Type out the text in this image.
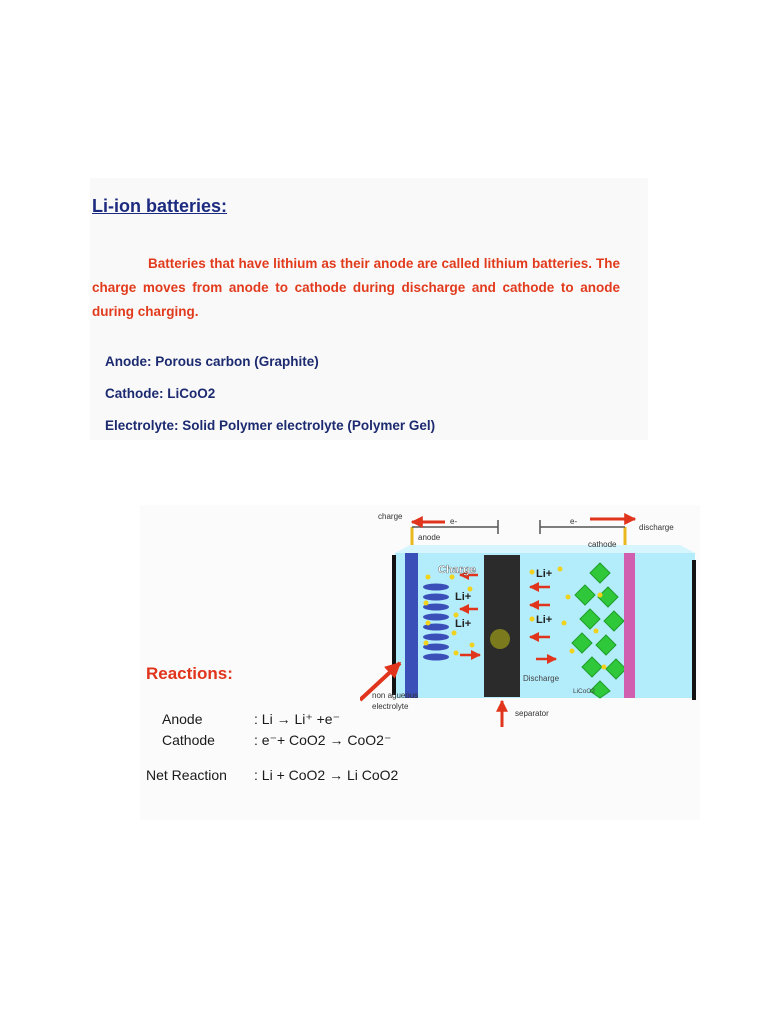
Li-ion batteries:

Batteries that have lithium as their anode are called lithium batteries. The charge moves from anode to cathode during discharge and cathode to anode during charging.

Anode: Porous carbon (Graphite)

Cathode: LiCoO2

Electrolyte: Solid Polymer electrolyte (Polymer Gel)

Reactions:

Anode	: Li → Li⁺ +e⁻

Cathode	: e⁻+ CoO2 → CoO2⁻

Net Reaction : Li + CoO2 → Li CoO2

charge
e-	e-
discharge
anode
cathode
Charge
Li+
Li+
Li+
Li+
Discharge
LiCoO2
non agueous
electrolyte
separator
